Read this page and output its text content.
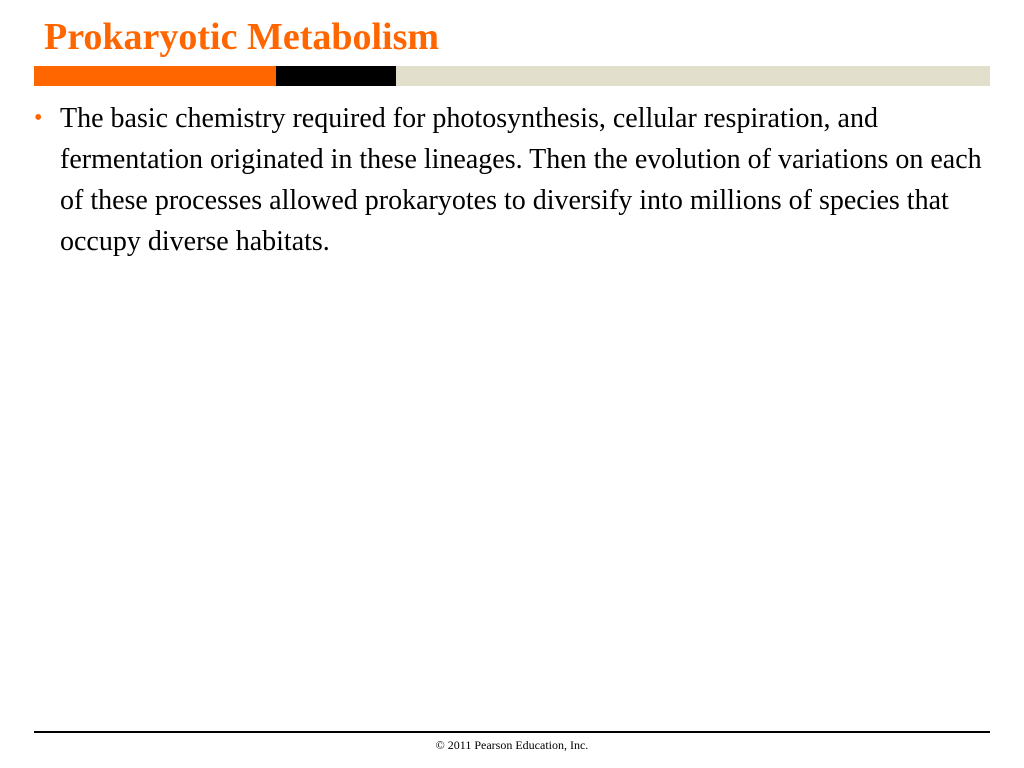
Prokaryotic Metabolism
• The basic chemistry required for photosynthesis, cellular respiration, and fermentation originated in these lineages. Then the evolution of variations on each of these processes allowed prokaryotes to diversify into millions of species that occupy diverse habitats.
© 2011 Pearson Education, Inc.
